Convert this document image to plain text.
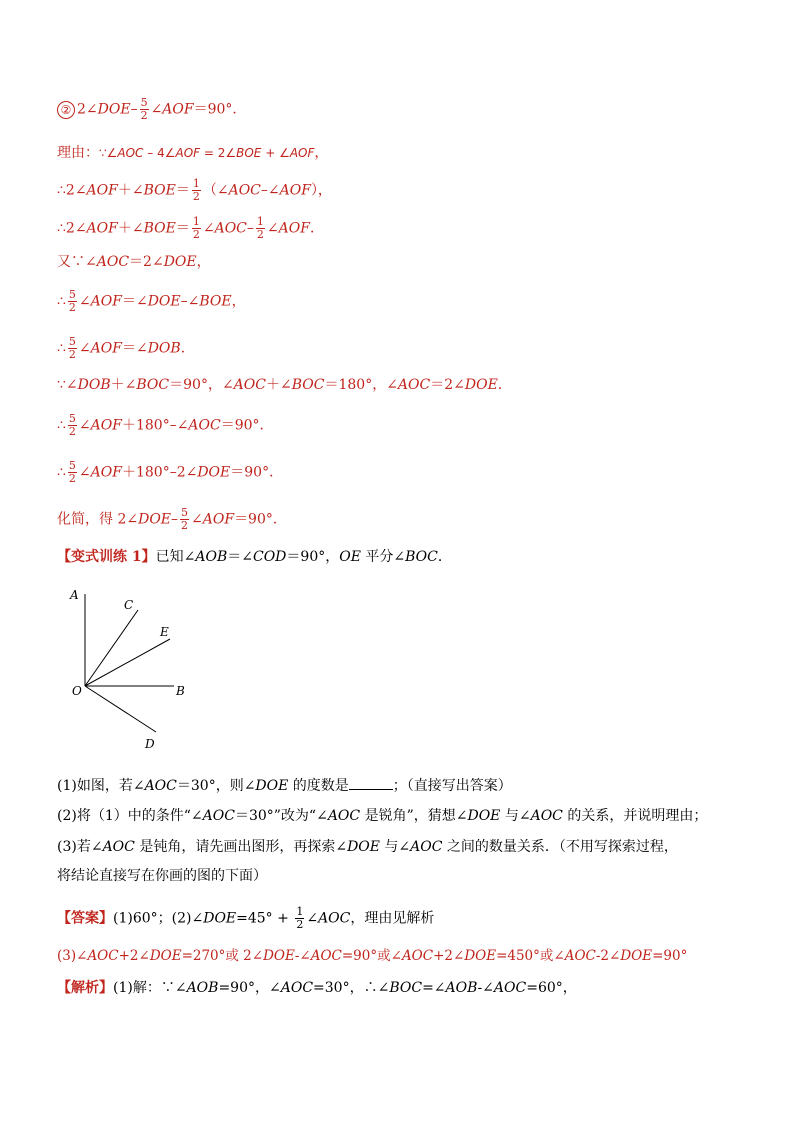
② 2∠DOE– $\frac{5}{2}$ ∠AOF＝90°．
理由：∵∠AOC – 4∠AOF = 2∠BOE + ∠AOF，
∴2∠AOF＋∠BOE＝ $\frac{1}{2}$ （∠AOC–∠AOF），
∴2∠AOF＋∠BOE＝ $\frac{1}{2}$ ∠AOC– $\frac{1}{2}$ ∠AOF．
又∵∠AOC＝2∠DOE，
∴ $\frac{5}{2}$ ∠AOF＝∠DOE–∠BOE，
∴ $\frac{5}{2}$ ∠AOF＝∠DOB．
∵∠DOB＋∠BOC＝90°，∠AOC＋∠BOC＝180°，∠AOC＝2∠DOE．
∴ $\frac{5}{2}$ ∠AOF＋180°–∠AOC＝90°．
∴ $\frac{5}{2}$ ∠AOF＋180°–2∠DOE＝90°．
化简，得 2∠DOE– $\frac{5}{2}$ ∠AOF＝90°．
【变式训练 1】已知∠AOB＝∠COD＝90°，OE 平分∠BOC．
A
C
E
O	B
D
(1)如图，若∠AOC＝30°，则∠DOE 的度数是	；（直接写出答案）
(2)将（1）中的条件“∠AOC＝30°”改为“∠AOC 是锐角”，猜想∠DOE 与∠AOC 的关系，并说明理由；
(3)若∠AOC 是钝角，请先画出图形，再探索∠DOE 与∠AOC 之间的数量关系．（不用写探索过程，
将结论直接写在你画的图的下面）
【答案】(1)60°；(2)∠DOE=45° + $\frac{1}{2}$ ∠AOC，理由见解析
(3)∠AOC+2∠DOE=270°或 2∠DOE-∠AOC=90°或∠AOC+2∠DOE=450°或∠AOC-2∠DOE=90°
【解析】(1)解：∵∠AOB=90°，∠AOC=30°，∴∠BOC=∠AOB-∠AOC=60°，
